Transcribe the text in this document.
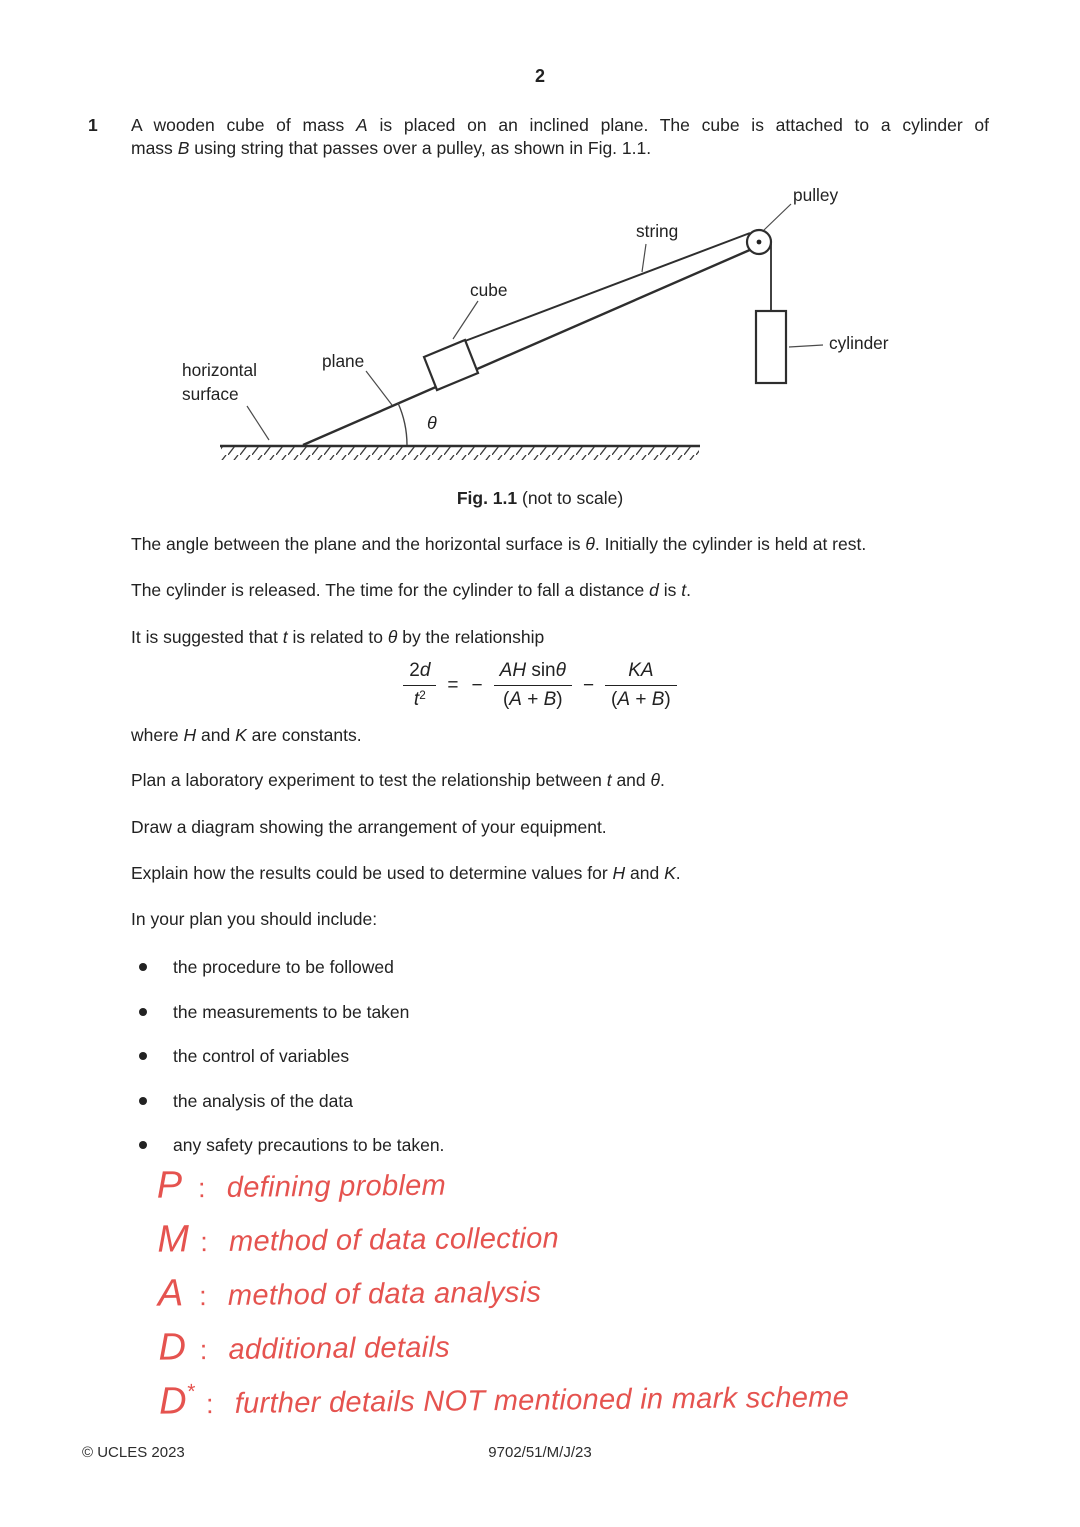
2
1 A wooden cube of mass A is placed on an inclined plane. The cube is attached to a cylinder of
mass B using string that passes over a pulley, as shown in Fig. 1.1.
pulley
string
cube
plane
horizontal
surface
cylinder
θ
Fig. 1.1 (not to scale)
The angle between the plane and the horizontal surface is θ. Initially the cylinder is held at rest.
The cylinder is released. The time for the cylinder to fall a distance d is t.
It is suggested that t is related to θ by the relationship
$\frac{2d}{t^2}$ = − $\frac{\text{AH sinθ}}{(A + B)} - \frac{KA}{(A + B)}$
where H and K are constants.
Plan a laboratory experiment to test the relationship between t and θ.
Draw a diagram showing the arrangement of your equipment.
Explain how the results could be used to determine values for H and K.
In your plan you should include:
the procedure to be followed
the measurements to be taken
the control of variables
the analysis of the data
any safety precautions to be taken.
P : defining problem
M : method of data collection
A : method of data analysis
D : additional details
D* : further details NOT mentioned in mark scheme
© UCLES 2023	9702/51/M/J/23
